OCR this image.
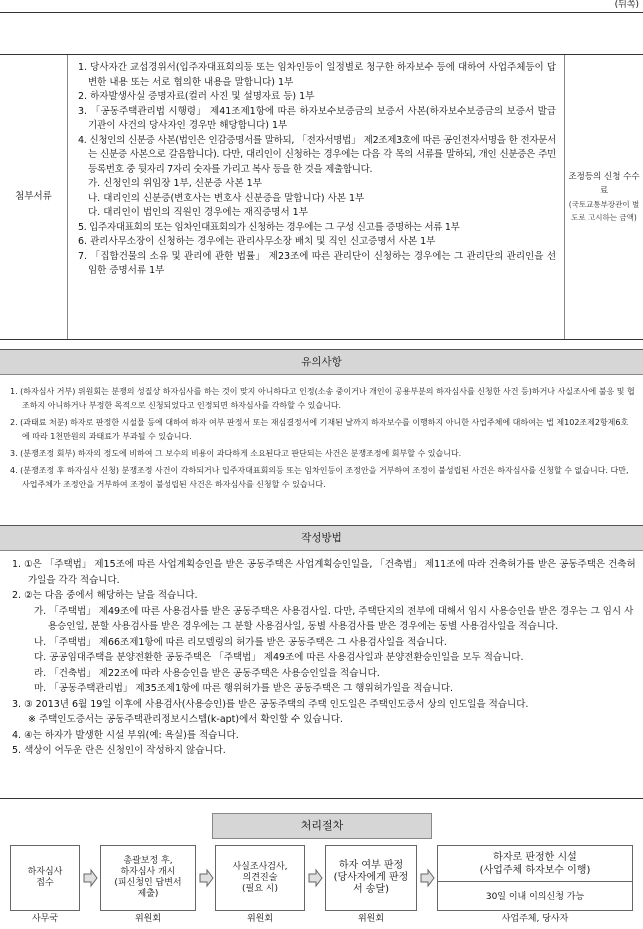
(뒤쪽)
첨부서류

1. 당사자간 교섭경위서(입주자대표회의등 또는 임차인등이 일정별로 청구한 하자보수 등에 대하여 사업주체등이 답변한 내용 또는 서로 협의한 내용을 말합니다) 1부

2. 하자발생사실 증명자료(컬러 사진 및 설명자료 등) 1부

3. 「공동주택관리법 시행령」 제41조제1항에 따른 하자보수보증금의 보증서 사본(하자보수보증금의 보증서 발급기관이 사건의 당사자인 경우만 해당합니다) 1부

4. 신청인의 신분증 사본(법인은 인감증명서를 말하되, 「전자서명법」 제2조제3호에 따른 공인전자서명을 한 전자문서는 신분증 사본으로 갈음합니다). 다만, 대리인이 신청하는 경우에는 다음 각 목의 서류를 말하되, 개인 신분증은 주민등록번호 중 뒷자리 7자리 숫자를 가리고 복사 등을 한 것을 제출합니다.

가. 신청인의 위임장 1부, 신분증 사본 1부

나. 대리인의 신분증(변호사는 변호사 신분증을 말합니다) 사본 1부

다. 대리인이 법인의 직원인 경우에는 재직증명서 1부

5. 입주자대표회의 또는 임차인대표회의가 신청하는 경우에는 그 구성 신고를 증명하는 서류 1부

6. 관리사무소장이 신청하는 경우에는 관리사무소장 배치 및 직인 신고증명서 사본 1부

7. 「집합건물의 소유 및 관리에 관한 법률」 제23조에 따른 관리단이 신청하는 경우에는 그 관리단의 관리인을 선임한 증명서류 1부

조정등의 신청 수수료
(국토교통부장관이 별도로 고시하는 금액)
유의사항

1. (하자심사 거부) 위원회는 분쟁의 성질상 하자심사를 하는 것이 맞지 아니하다고 인정(소송 중이거나 개인이 공용부분의 하자심사를 신청한 사건 등)하거나 사실조사에 불응 및 협조하지 아니하거나 부정한 목적으로 신청되었다고 인정되면 하자심사를 각하할 수 있습니다.

2. (과태료 처분) 하자로 판정한 시설물 등에 대하여 하자 여부 판정서 또는 재심결정서에 기재된 날까지 하자보수를 이행하지 아니한 사업주체에 대하여는 법 제102조제2항제6호에 따라 1천만원의 과태료가 부과될 수 있습니다.

3. (분쟁조정 회부) 하자의 정도에 비하여 그 보수의 비용이 과다하게 소요된다고 판단되는 사건은 분쟁조정에 회부할 수 있습니다.

4. (분쟁조정 후 하자심사 신청) 분쟁조정 사건이 각하되거나 입주자대표회의등 또는 임차인등이 조정안을 거부하여 조정이 불성립된 사건은 하자심사를 신청할 수 없습니다. 다만, 사업주체가 조정안을 거부하여 조정이 불성립된 사건은 하자심사를 신청할 수 있습니다.

작성방법

1. ①은 「주택법」 제15조에 따른 사업계획승인을 받은 공동주택은 사업계획승인일을, 「건축법」 제11조에 따라 건축허가를 받은 공동주택은 건축허가일을 각각 적습니다.

2. ②는 다음 중에서 해당하는 날을 적습니다.

가. 「주택법」 제49조에 따른 사용검사를 받은 공동주택은 사용검사일. 다만, 주택단지의 전부에 대해서 임시 사용승인을 받은 경우는 그 임시 사용승인일, 분할 사용검사를 받은 경우에는 그 분할 사용검사일, 동별 사용검사를 받은 경우에는 동별 사용검사일을 적습니다.

나. 「주택법」 제66조제1항에 따른 리모델링의 허가를 받은 공동주택은 그 사용검사일을 적습니다.

다. 공공임대주택을 분양전환한 공동주택은 「주택법」 제49조에 따른 사용검사일과 분양전환승인일을 모두 적습니다.

라. 「건축법」 제22조에 따라 사용승인을 받은 공동주택은 사용승인일을 적습니다.

마. 「공동주택관리법」 제35조제1항에 따른 행위허가를 받은 공동주택은 그 행위허가일을 적습니다.

3. ③ 2013년 6월 19일 이후에 사용검사(사용승인)를 받은 공동주택의 주택 인도일은 주택인도증서 상의 인도일을 적습니다.

※ 주택인도증서는 공동주택관리정보시스템(k-apt)에서 확인할 수 있습니다.

4. ④는 하자가 발생한 시설 부위(예: 욕실)를 적습니다.

5. 색상이 어두운 란은 신청인이 작성하지 않습니다.

처리절차
하자심사
접수
총괄보정 후,
하자심사 개시
(피신청인 답변서
제출)
사실조사검사,
의견진술
(필요 시)
하자 여부 판정
(당사자에게 판정
서 송달)
하자로 판정한 시설
(사업주체 하자보수 이행)
30일 이내 이의신청 가능
사무국	위원회	위원회	위원회	사업주체, 당사자
